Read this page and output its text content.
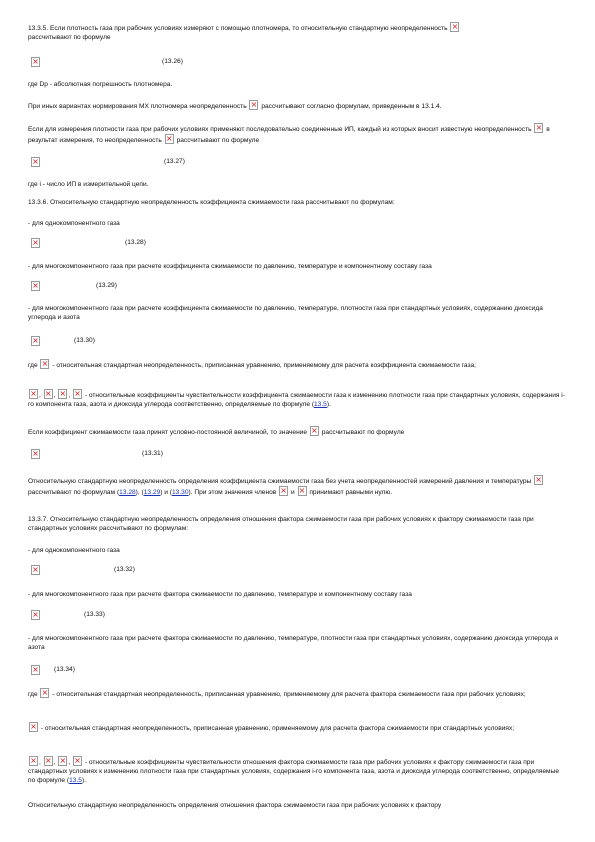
13.3.5. Если плотность газа при рабочих условиях измеряют с помощью плотномера, то относительную стандартную неопределенность ×
рассчитывают по формуле
×
(13.26)
где Dp - абсолютная погрешность плотномера.
При иных вариантах нормирования МХ плотномера неопределенность × рассчитывают согласно формулам, приведенным в 13.1.4.
Если для измерения плотности газа при рабочих условиях применяют последовательно соединенные ИП, каждый из которых вносит известную неопределенность × в результат измерения, то неопределенность × рассчитывают по формуле
×
(13.27)
где i - число ИП в измерительной цепи.
13.3.6. Относительную стандартную неопределенность коэффициента сжимаемости газа рассчитывают по формулам:
- для однокомпонентного газа
×
(13.28)
- для многокомпонентного газа при расчете коэффициента сжимаемости по давлению, температуре и компонентному составу газа
×
(13.29)
- для многокомпонентного газа при расчете коэффициента сжимаемости по давлению, температуре, плотности газа при стандартных условиях, содержанию диоксида углерода и азота
×
(13.30)
где × - относительная стандартная неопределенность, приписанная уравнению, применяемому для расчета коэффициента сжимаемости газа;
×, ×, ×, × - относительные коэффициенты чувствительности коэффициента сжимаемости газа к изменению плотности газа при стандартных условиях, содержания i-го компонента газа, азота и диоксида углерода соответственно, определяемые по формуле (13.5).
Если коэффициент сжимаемости газа принят условно-постоянной величиной, то значение × рассчитывают по формуле
×
(13.31)
Относительную стандартную неопределенность определения коэффициента сжимаемости газа без учета неопределенностей измерений давления и температуры × рассчитывают по формулам (13.28), (13.29) и (13.30). При этом значения членов × и × принимают равными нулю.
13.3.7. Относительную стандартную неопределенность определения отношения фактора сжимаемости газа при рабочих условиях к фактору сжимаемости газа при стандартных условиях рассчитывают по формулам:
- для однокомпонентного газа
×
(13.32)
- для многокомпонентного газа при расчете фактора сжимаемости по давлению, температуре и компонентному составу газа
×
(13.33)
- для многокомпонентного газа при расчете фактора сжимаемости по давлению, температуре, плотности газа при стандартных условиях, содержанию диоксида углерода и азота
×
(13.34)
где × - относительная стандартная неопределенность, приписанная уравнению, применяемому для расчета фактора сжимаемости газа при рабочих условиях;
× - относительная стандартная неопределенность, приписанная уравнению, применяемому для расчета фактора сжимаемости при стандартных условиях;
×, ×, ×, × - относительные коэффициенты чувствительности отношения фактора сжимаемости газа при рабочих условиях к фактору сжимаемости газа при стандартных условиях к изменению плотности газа при стандартных условиях, содержания i-го компонента газа, азота и диоксида углерода соответственно, определяемые по формуле (13.5).
Относительную стандартную неопределенность определения отношения фактора сжимаемости газа при рабочих условиях к фактору
